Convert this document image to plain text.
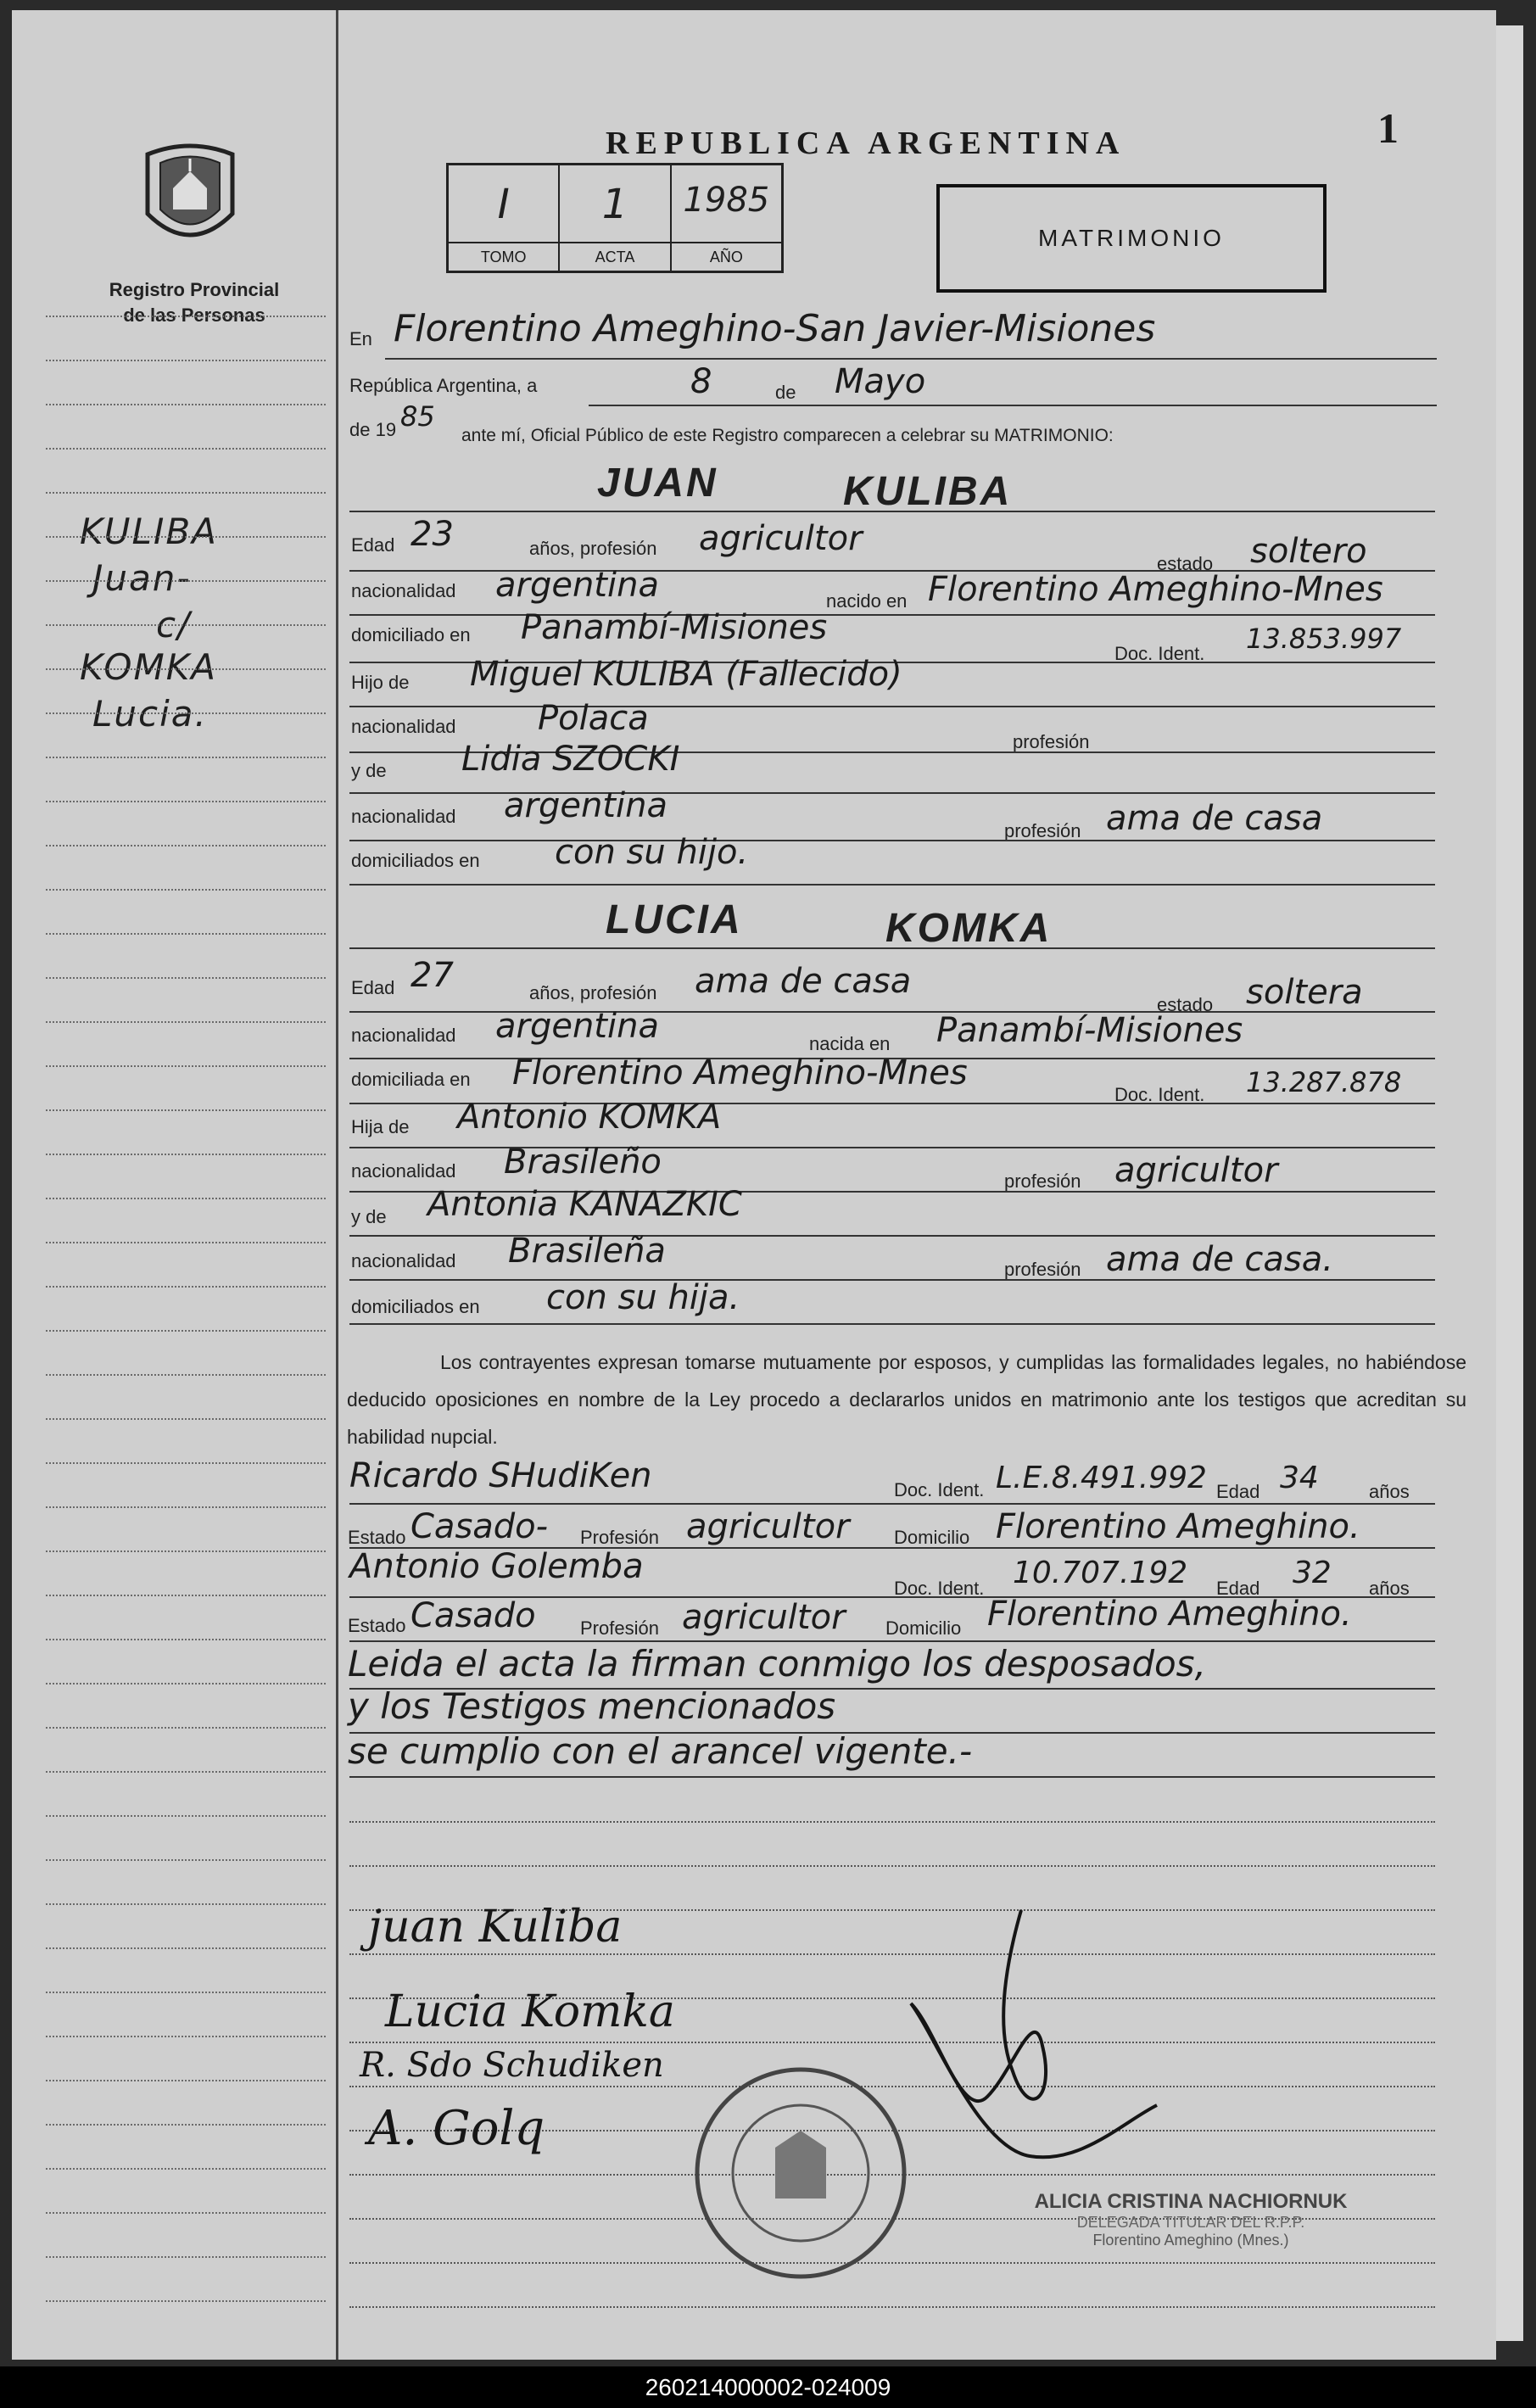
Registro Provincial
de las Personas
KULIBA
Juan-
c/
KOMKA
Lucia.
REPUBLICA ARGENTINA	1
I
TOMO
1
ACTA
1985
AÑO
MATRIMONIO
En Florentino Ameghino-San Javier-Misiones
República Argentina, a	8	de Mayo
de 19 85
ante mí, Oficial Público de este Registro comparecen a celebrar su MATRIMONIO:
JUAN	KULIBA
Edad 23	años, profesión agricultor
estado soltero
nacionalidad argentina	nacido en Florentino Ameghino-Mnes
domiciliado en Panambí-Misiones
Doc. Ident. 13.853.997
Hijo de Miguel KULIBA (Fallecido)
nacionalidad Polaca
profesión
y de Lidia SZOCKI
nacionalidad argentina
profesión ama de casa
domiciliados en con su hijo.
LUCIA	KOMKA
Edad 27	años, profesión ama de casa
estado soltera
nacionalidad argentina	nacida en Panambí-Misiones
domiciliada en Florentino Ameghino-Mnes
Doc. Ident. 13.287.878
Hija de Antonio KOMKA
nacionalidad Brasileño	profesión agricultor
y de Antonia KANAZKIC
nacionalidad Brasileña	profesión ama de casa.
domiciliados en con su hija.
Los contrayentes expresan tomarse mutuamente por esposos, y cumplidas las formalidades legales, no habiéndose deducido oposiciones en nombre de la Ley procedo a declararlos unidos en matrimonio ante los testigos que acreditan su habilidad nupcial.
Ricardo SHudiKen	Doc. Ident. L.E.8.491.992 Edad 34	años
Estado Casado- Profesión agricultor Domicilio Florentino Ameghino.
Antonio Golemba
Doc. Ident. 10.707.192 Edad 32 años
Estado Casado Profesión agricultor Domicilio Florentino Ameghino.
Leida el acta la firman conmigo los desposados,
y los Testigos mencionados
se cumplio con el arancel vigente.-
juan Kuliba
Lucia Komka
R. Sdo Schudiken
A. Golq
ALICIA CRISTINA NACHIORNUK
DELEGADA TITULAR DEL R.P.P.
Florentino Ameghino (Mnes.)
260214000002-024009
